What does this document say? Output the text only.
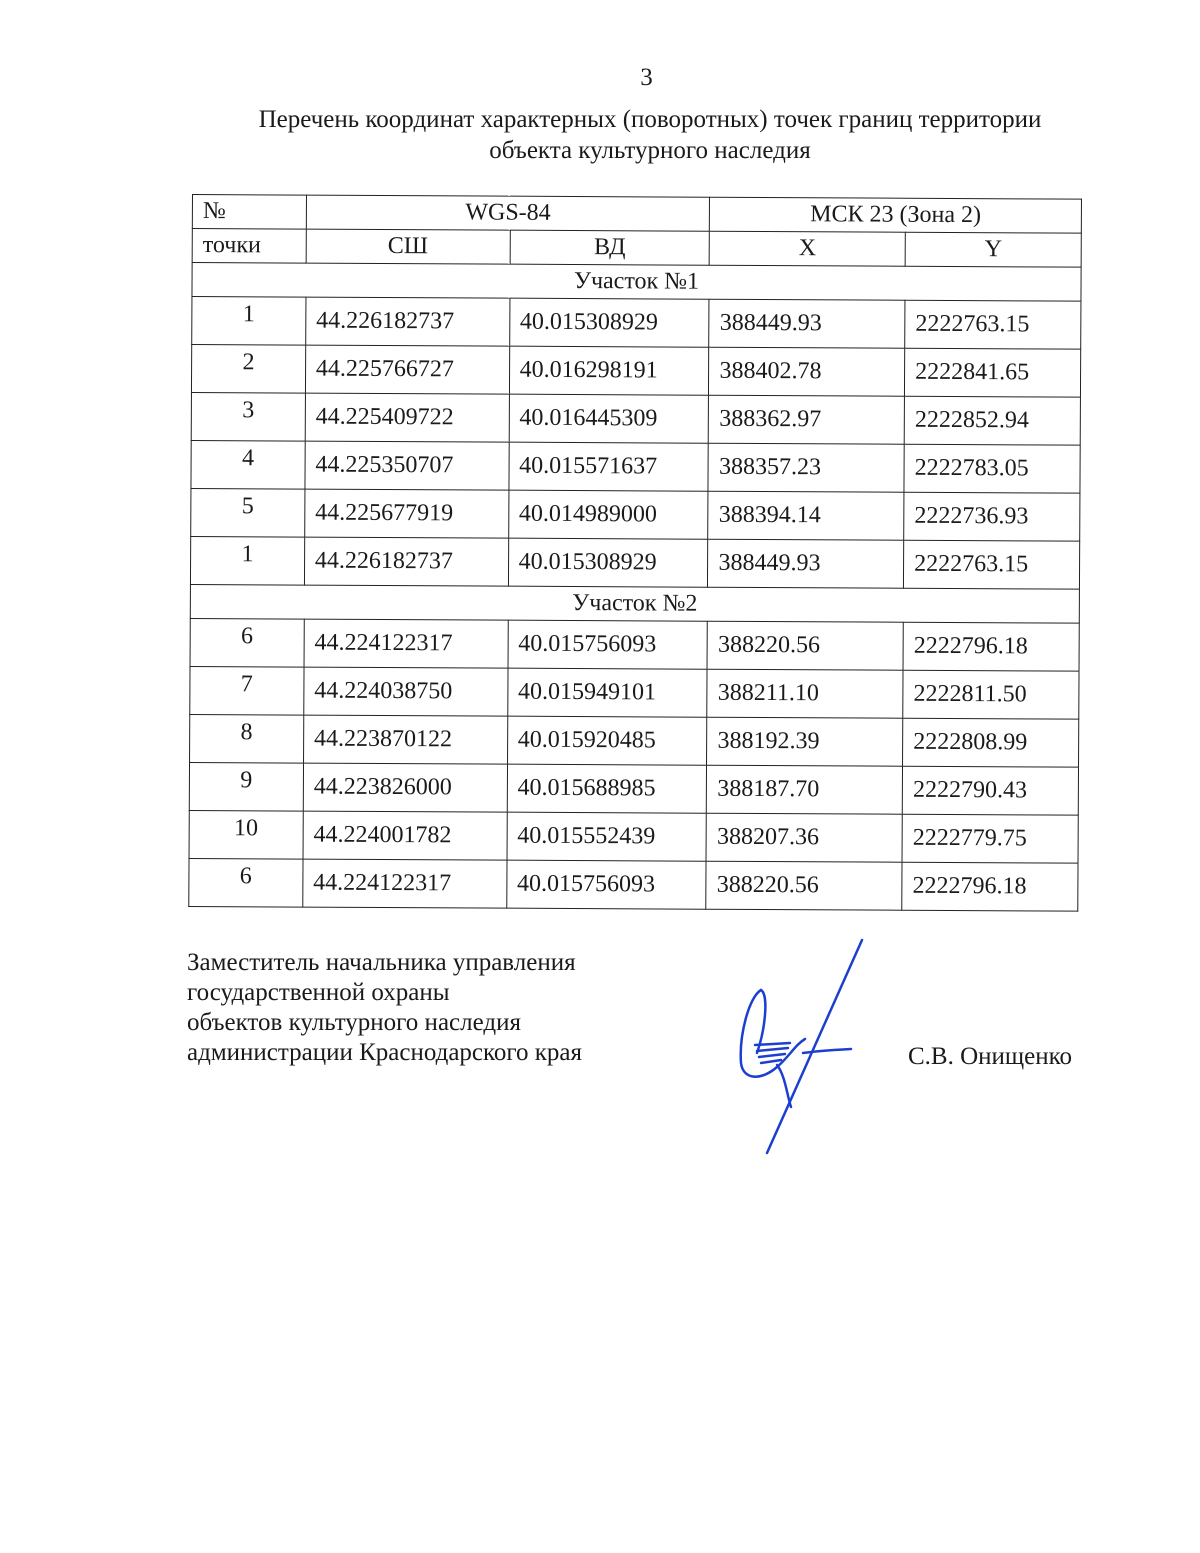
3
Перечень координат характерных (поворотных) точек границ территории
объекта культурного наследия
№	WGS-84		МСК 23 (Зона 2)	
точки	СШ	ВД	X	Y
Участок №1				
1	44.226182737	40.015308929	388449.93	2222763.15
2	44.225766727	40.016298191	388402.78	2222841.65
3	44.225409722	40.016445309	388362.97	2222852.94
4	44.225350707	40.015571637	388357.23	2222783.05
5	44.225677919	40.014989000	388394.14	2222736.93
1	44.226182737	40.015308929	388449.93	2222763.15
Участок №2				
6	44.224122317	40.015756093	388220.56	2222796.18
7	44.224038750	40.015949101	388211.10	2222811.50
8	44.223870122	40.015920485	388192.39	2222808.99
9	44.223826000	40.015688985	388187.70	2222790.43
10	44.224001782	40.015552439	388207.36	2222779.75
6	44.224122317	40.015756093	388220.56	2222796.18
Заместитель начальника управления
государственной охраны
объектов культурного наследия
администрации Краснодарского края	С.В. Онищенко
